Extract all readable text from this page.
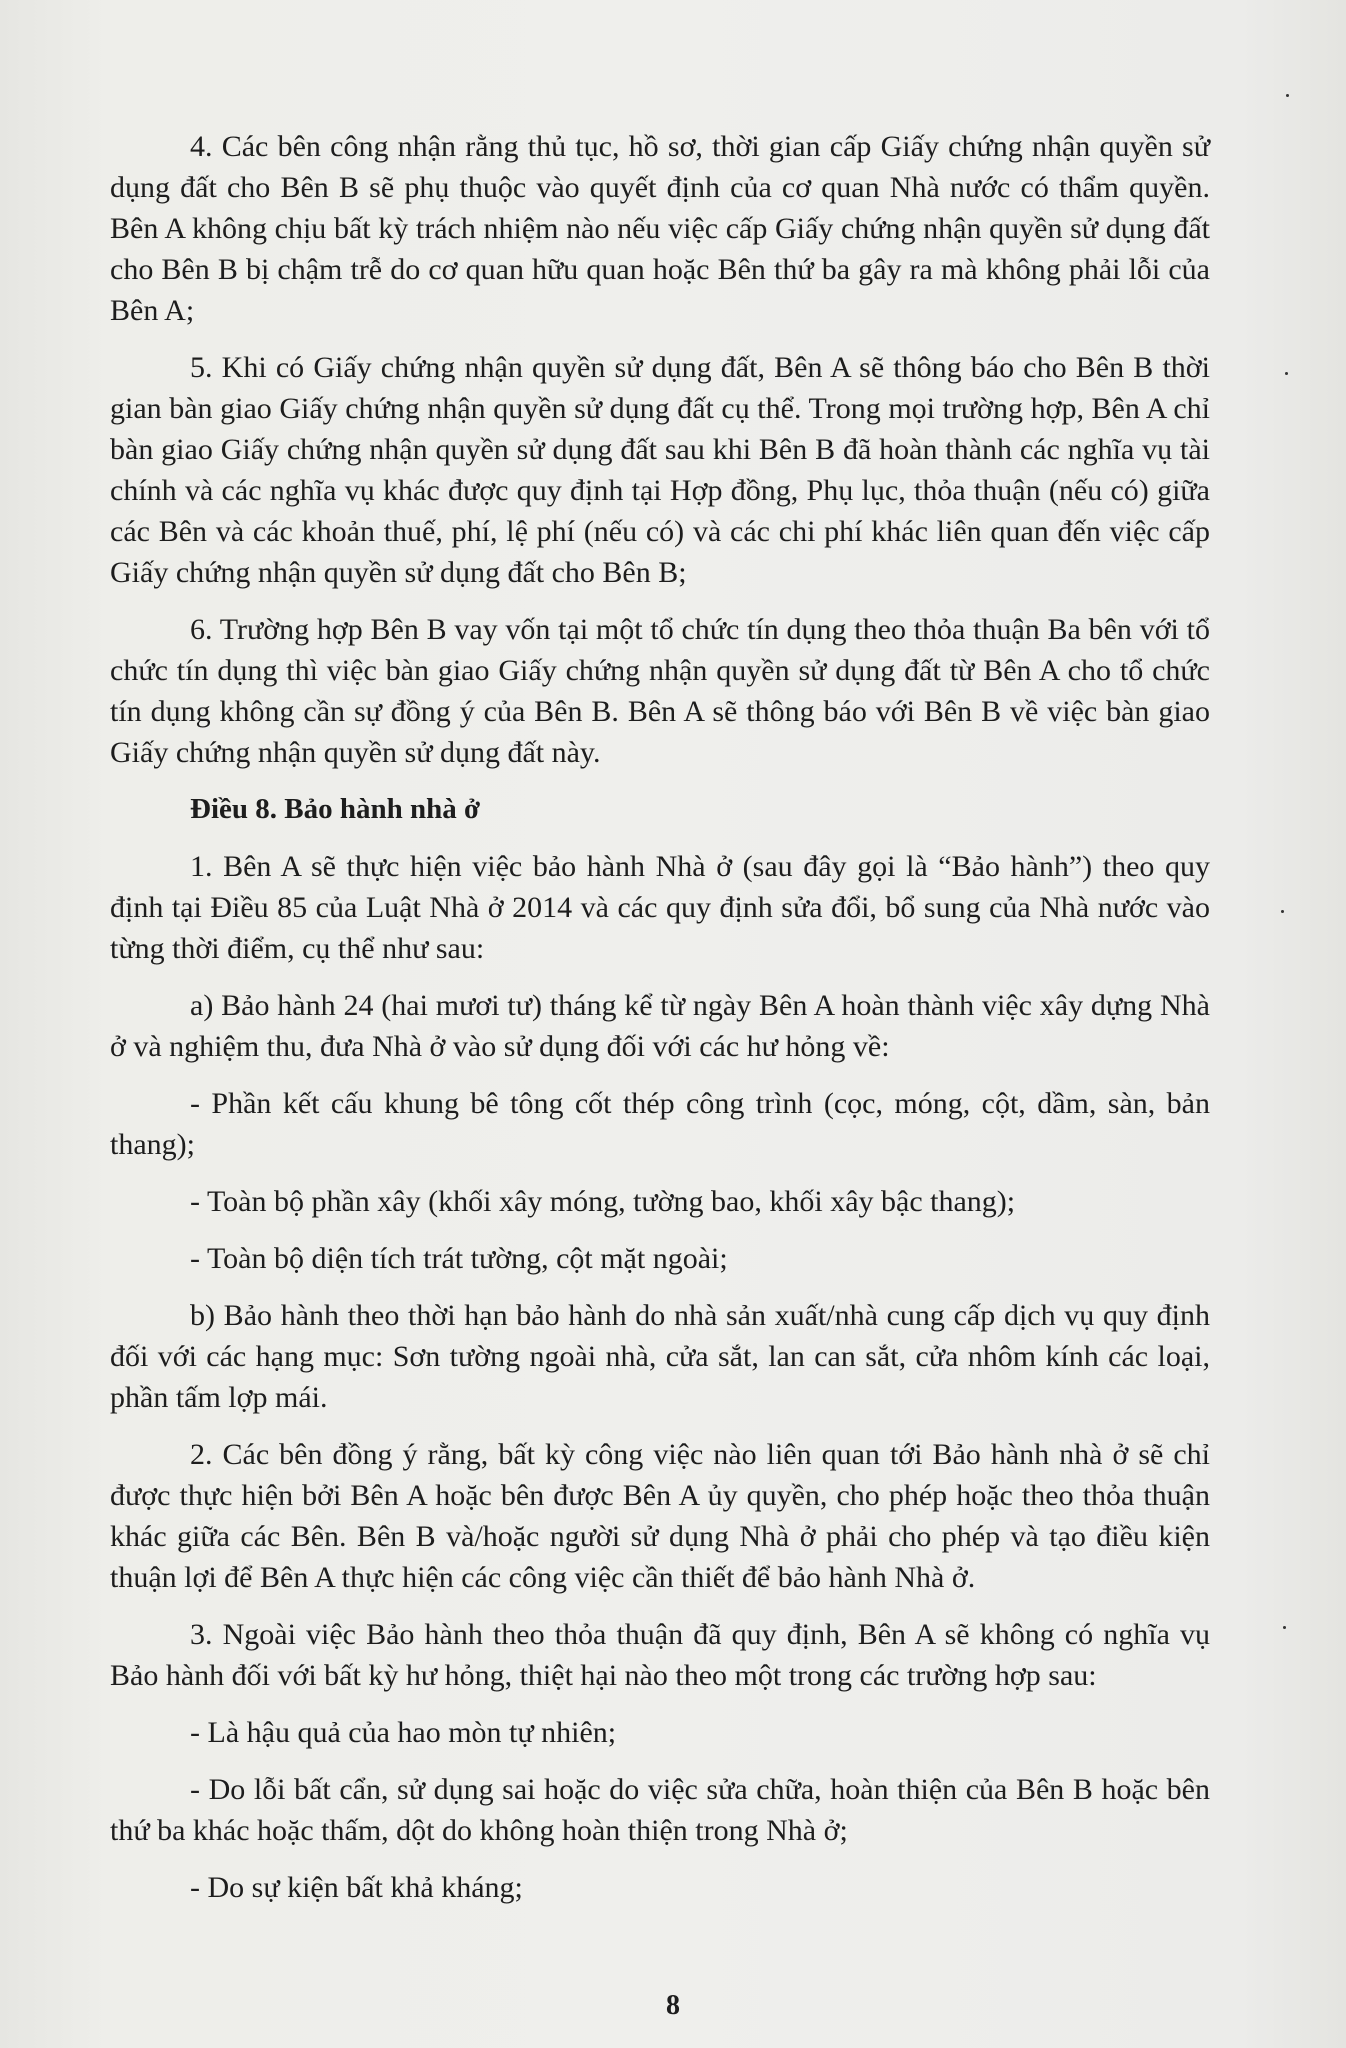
4. Các bên công nhận rằng thủ tục, hồ sơ, thời gian cấp Giấy chứng nhận quyền sử dụng đất cho Bên B sẽ phụ thuộc vào quyết định của cơ quan Nhà nước có thẩm quyền. Bên A không chịu bất kỳ trách nhiệm nào nếu việc cấp Giấy chứng nhận quyền sử dụng đất cho Bên B bị chậm trễ do cơ quan hữu quan hoặc Bên thứ ba gây ra mà không phải lỗi của Bên A;

5. Khi có Giấy chứng nhận quyền sử dụng đất, Bên A sẽ thông báo cho Bên B thời gian bàn giao Giấy chứng nhận quyền sử dụng đất cụ thể. Trong mọi trường hợp, Bên A chỉ bàn giao Giấy chứng nhận quyền sử dụng đất sau khi Bên B đã hoàn thành các nghĩa vụ tài chính và các nghĩa vụ khác được quy định tại Hợp đồng, Phụ lục, thỏa thuận (nếu có) giữa các Bên và các khoản thuế, phí, lệ phí (nếu có) và các chi phí khác liên quan đến việc cấp Giấy chứng nhận quyền sử dụng đất cho Bên B;

6. Trường hợp Bên B vay vốn tại một tổ chức tín dụng theo thỏa thuận Ba bên với tổ chức tín dụng thì việc bàn giao Giấy chứng nhận quyền sử dụng đất từ Bên A cho tổ chức tín dụng không cần sự đồng ý của Bên B. Bên A sẽ thông báo với Bên B về việc bàn giao Giấy chứng nhận quyền sử dụng đất này.

Điều 8. Bảo hành nhà ở

1. Bên A sẽ thực hiện việc bảo hành Nhà ở (sau đây gọi là “Bảo hành”) theo quy định tại Điều 85 của Luật Nhà ở 2014 và các quy định sửa đổi, bổ sung của Nhà nước vào từng thời điểm, cụ thể như sau:

a) Bảo hành 24 (hai mươi tư) tháng kể từ ngày Bên A hoàn thành việc xây dựng Nhà ở và nghiệm thu, đưa Nhà ở vào sử dụng đối với các hư hỏng về:

- Phần kết cấu khung bê tông cốt thép công trình (cọc, móng, cột, dầm, sàn, bản thang);

- Toàn bộ phần xây (khối xây móng, tường bao, khối xây bậc thang);

- Toàn bộ diện tích trát tường, cột mặt ngoài;

b) Bảo hành theo thời hạn bảo hành do nhà sản xuất/nhà cung cấp dịch vụ quy định đối với các hạng mục: Sơn tường ngoài nhà, cửa sắt, lan can sắt, cửa nhôm kính các loại, phần tấm lợp mái.

2. Các bên đồng ý rằng, bất kỳ công việc nào liên quan tới Bảo hành nhà ở sẽ chỉ được thực hiện bởi Bên A hoặc bên được Bên A ủy quyền, cho phép hoặc theo thỏa thuận khác giữa các Bên. Bên B và/hoặc người sử dụng Nhà ở phải cho phép và tạo điều kiện thuận lợi để Bên A thực hiện các công việc cần thiết để bảo hành Nhà ở.

3. Ngoài việc Bảo hành theo thỏa thuận đã quy định, Bên A sẽ không có nghĩa vụ Bảo hành đối với bất kỳ hư hỏng, thiệt hại nào theo một trong các trường hợp sau:

- Là hậu quả của hao mòn tự nhiên;

- Do lỗi bất cẩn, sử dụng sai hoặc do việc sửa chữa, hoàn thiện của Bên B hoặc bên thứ ba khác hoặc thấm, dột do không hoàn thiện trong Nhà ở;

- Do sự kiện bất khả kháng;

8
